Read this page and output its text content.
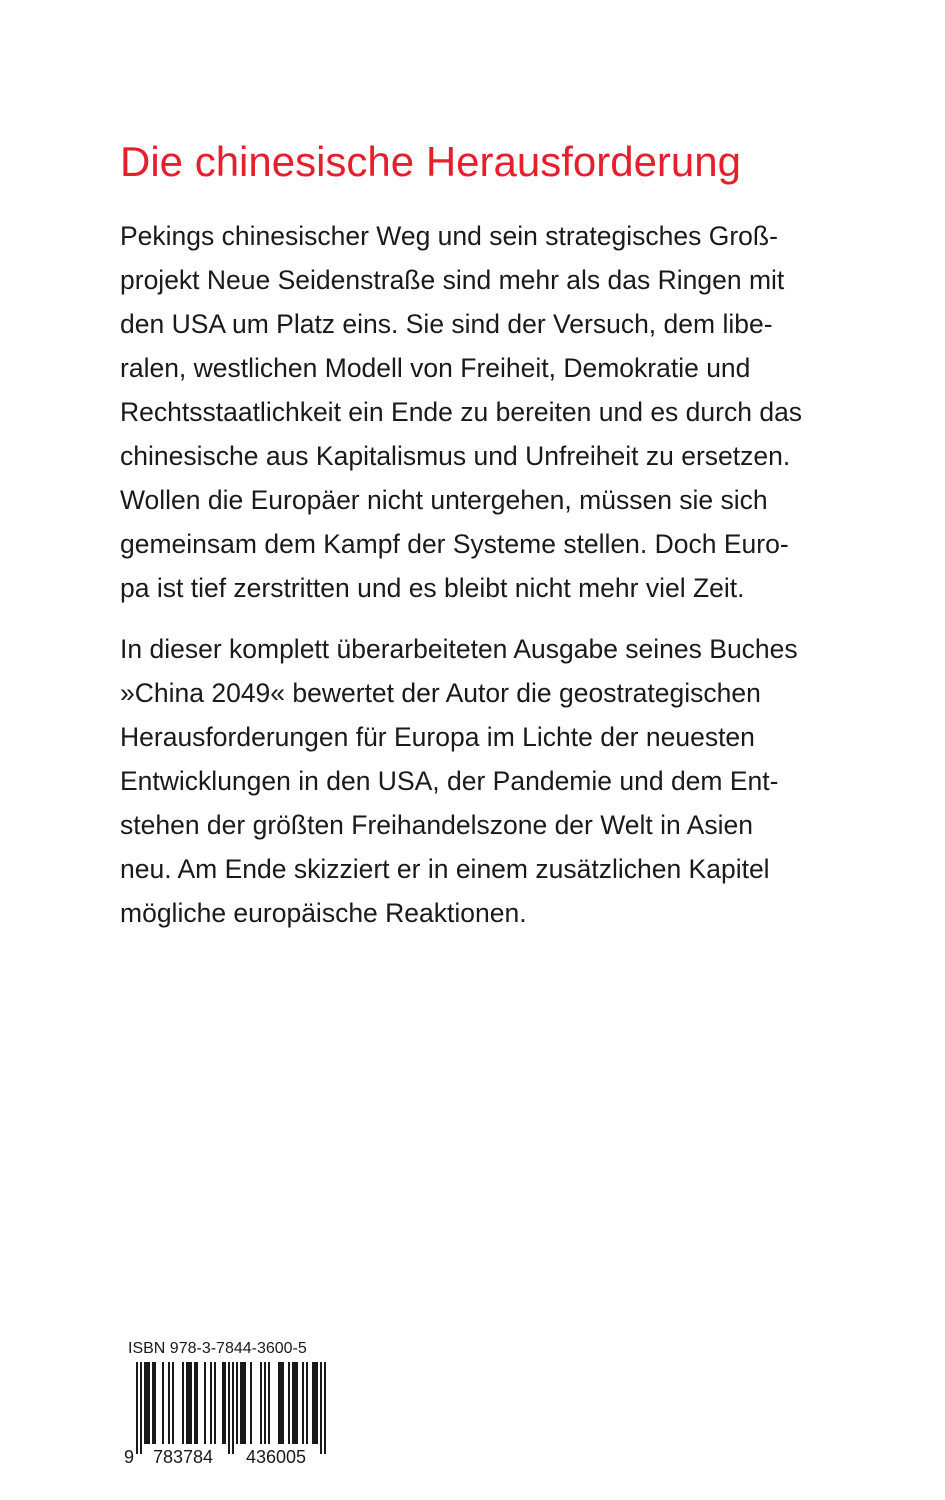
Die chinesische Herausforderung

Pekings chinesischer Weg und sein strategisches Groß-
projekt Neue Seidenstraße sind mehr als das Ringen mit
den USA um Platz eins. Sie sind der Versuch, dem libe-
ralen, westlichen Modell von Freiheit, Demokratie und
Rechtsstaatlichkeit ein Ende zu bereiten und es durch das
chinesische aus Kapitalismus und Unfreiheit zu ersetzen.
Wollen die Europäer nicht untergehen, müssen sie sich
gemeinsam dem Kampf der Systeme stellen. Doch Euro-
pa ist tief zerstritten und es bleibt nicht mehr viel Zeit.

In dieser komplett überarbeiteten Ausgabe seines Buches
»China 2049« bewertet der Autor die geostrategischen
Herausforderungen für Europa im Lichte der neuesten
Entwicklungen in den USA, der Pandemie und dem Ent-
stehen der größten Freihandelszone der Welt in Asien
neu. Am Ende skizziert er in einem zusätzlichen Kapitel
mögliche europäische Reaktionen.

ISBN 978-3-7844-3600-5
9 783784 436005
